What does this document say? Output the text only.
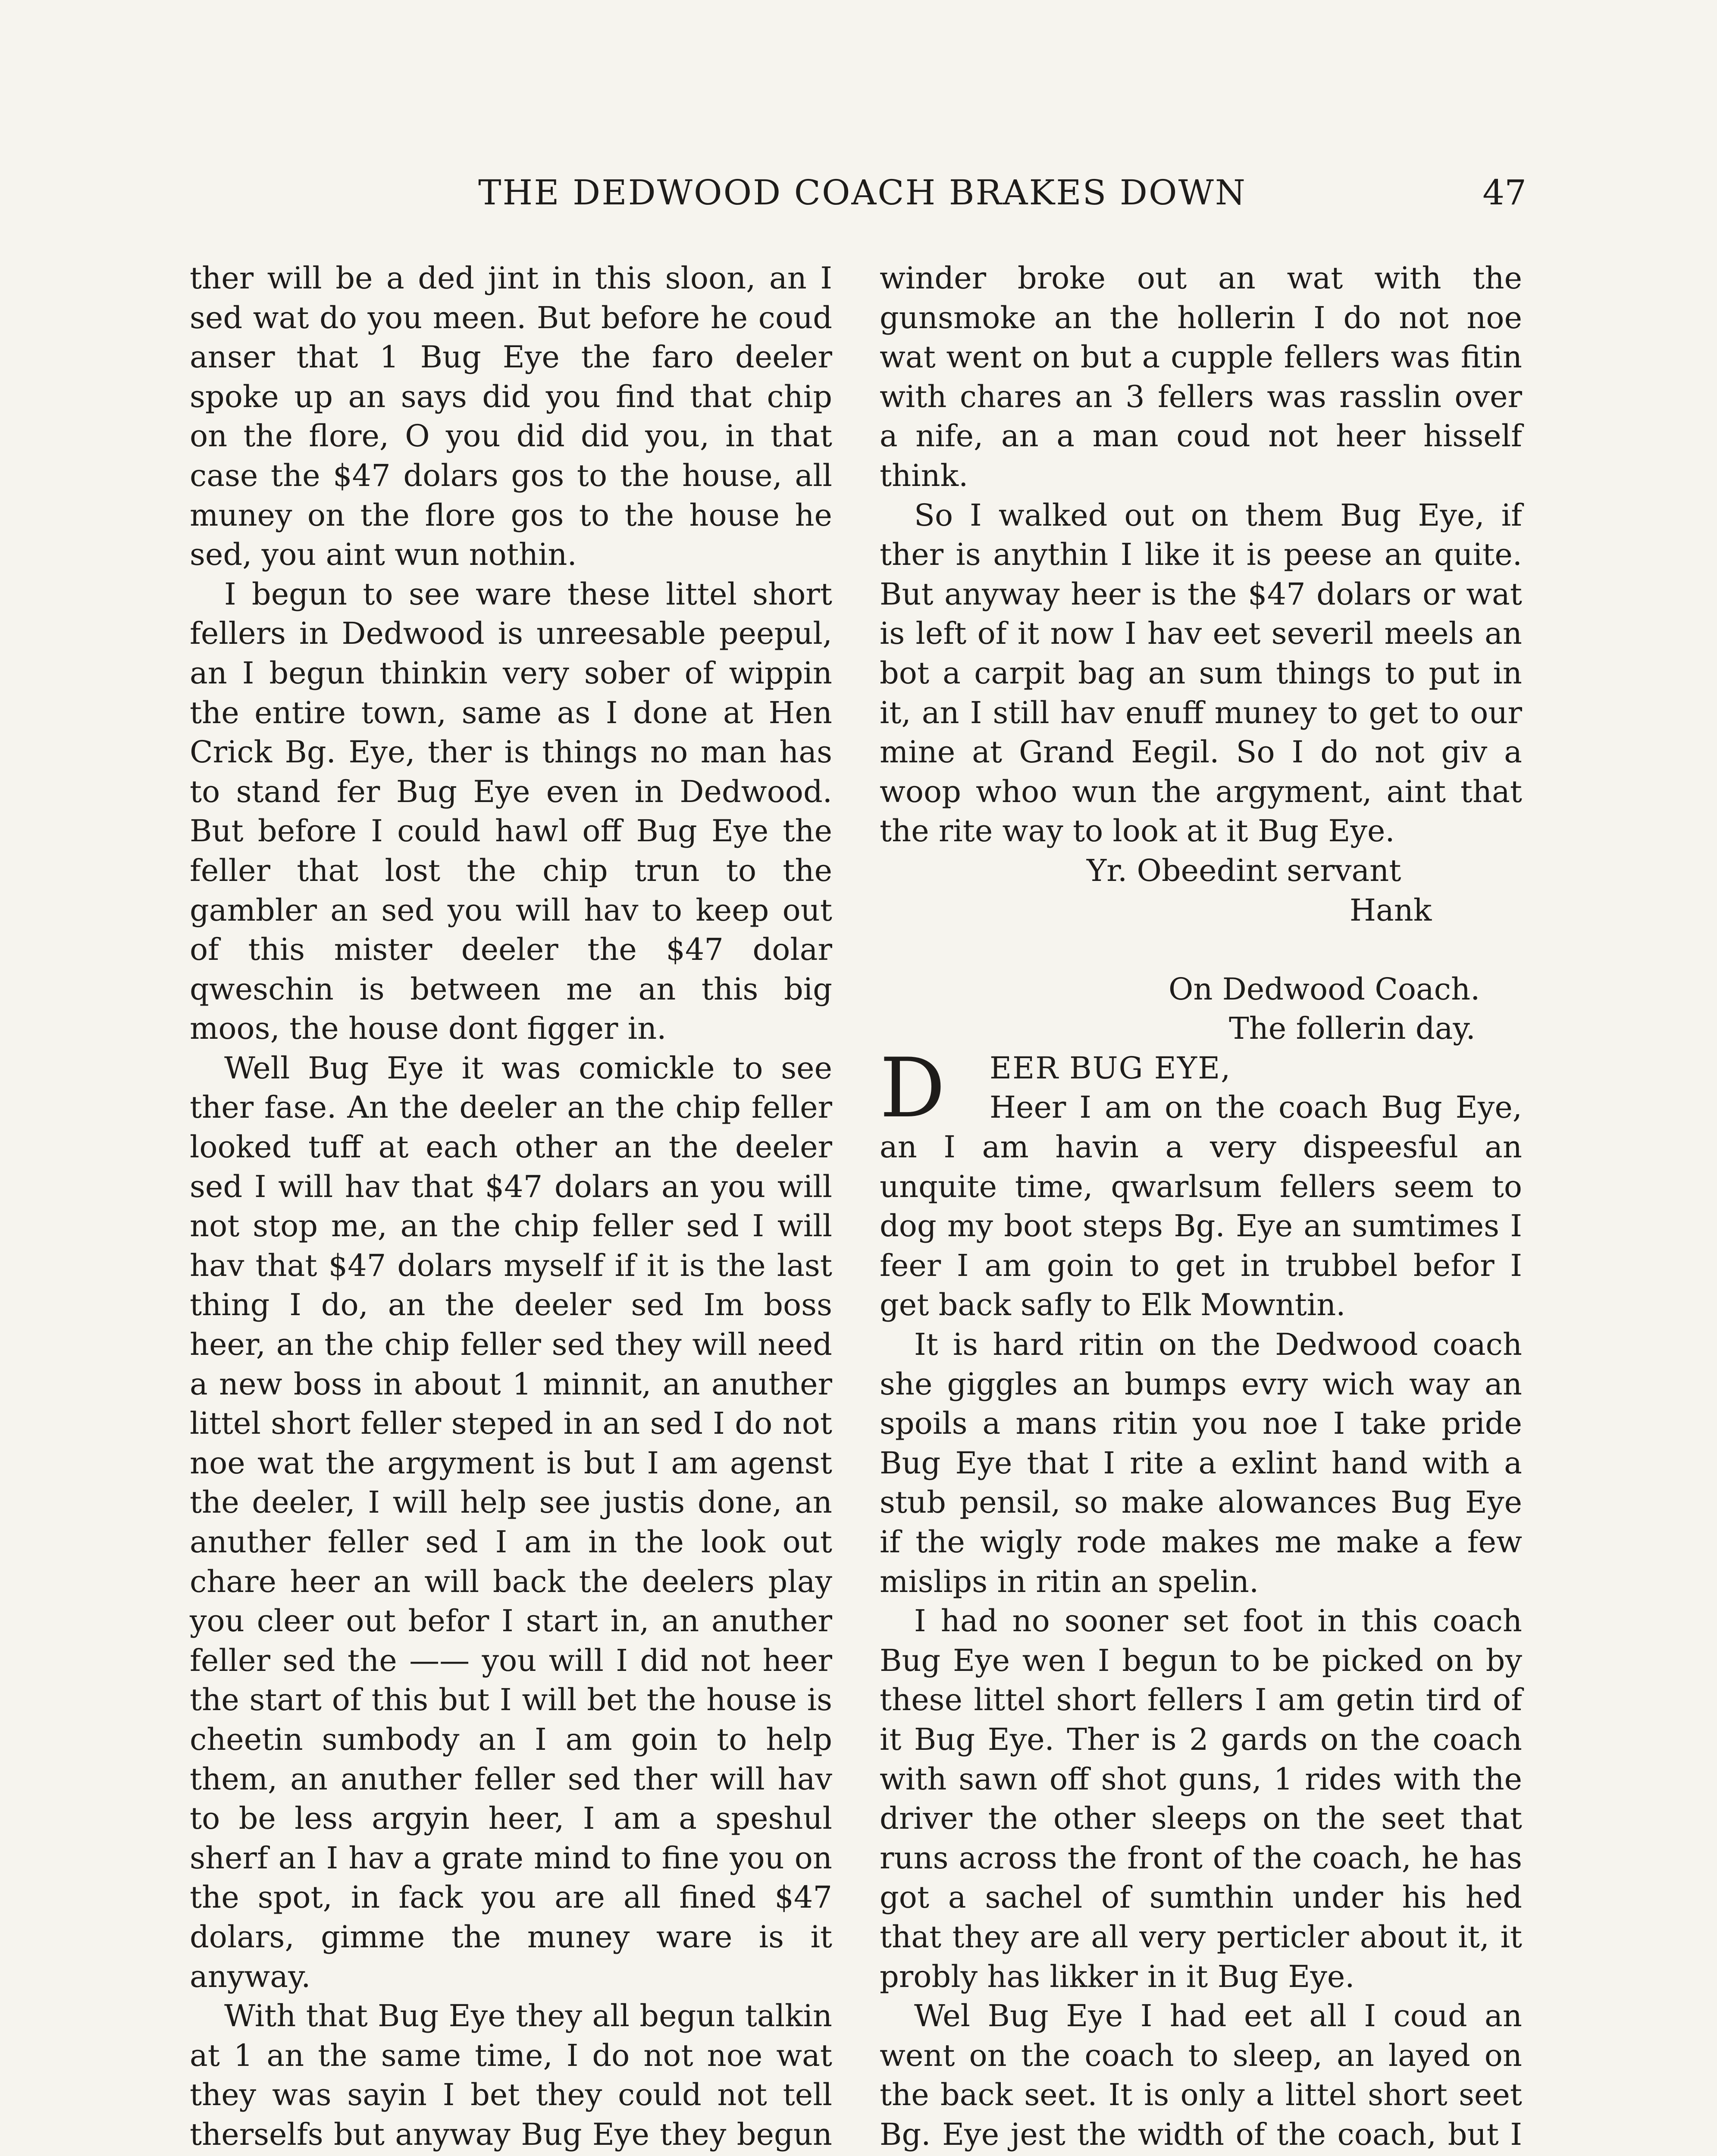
THE DEDWOOD COACH BRAKES DOWN	47

ther will be a ded jint in this sloon, an I sed wat do you meen. But before he coud anser that 1 Bug Eye the faro deeler spoke up an says did you find that chip on the flore, O you did did you, in that case the $47 dolars gos to the house, all muney on the flore gos to the house he sed, you aint wun nothin.

I begun to see ware these littel short fellers in Dedwood is unreesable peepul, an I begun thinkin very sober of wippin the entire town, same as I done at Hen Crick Bg. Eye, ther is things no man has to stand fer Bug Eye even in Dedwood. But before I could hawl off Bug Eye the feller that lost the chip trun to the gambler an sed you will hav to keep out of this mister deeler the $47 dolar qweschin is between me an this big moos, the house dont figger in.

Well Bug Eye it was comickle to see ther fase. An the deeler an the chip feller looked tuff at each other an the deeler sed I will hav that $47 dolars an you will not stop me, an the chip feller sed I will hav that $47 dolars myself if it is the last thing I do, an the deeler sed Im boss heer, an the chip feller sed they will need a new boss in about 1 minnit, an anuther littel short feller steped in an sed I do not noe wat the argyment is but I am agenst the deeler, I will help see justis done, an anuther feller sed I am in the look out chare heer an will back the deelers play you cleer out befor I start in, an anuther feller sed the —— you will I did not heer the start of this but I will bet the house is cheetin sumbody an I am goin to help them, an anuther feller sed ther will hav to be less argyin heer, I am a speshul sherf an I hav a grate mind to fine you on the spot, in fack you are all fined $47 dolars, gimme the muney ware is it anyway.

With that Bug Eye they all begun talkin at 1 an the same time, I do not noe wat they was sayin I bet they could not tell therselfs but anyway Bug Eye they begun

winder broke out an wat with the gunsmoke an the hollerin I do not noe wat went on but a cupple fellers was fitin with chares an 3 fellers was rasslin over a nife, an a man coud not heer hisself think.

So I walked out on them Bug Eye, if ther is anythin I like it is peese an quite. But anyway heer is the $47 dolars or wat is left of it now I hav eet severil meels an bot a carpit bag an sum things to put in it, an I still hav enuff muney to get to our mine at Grand Eegil. So I do not giv a woop whoo wun the argyment, aint that the rite way to look at it Bug Eye.

Yr. Obeedint servant

Hank

On Dedwood Coach.

The follerin day.

D EER BUG EYE,

Heer I am on the coach Bug Eye, an I am havin a very dispeesful an unquite time, qwarlsum fellers seem to dog my boot steps Bg. Eye an sumtimes I feer I am goin to get in trubbel befor I get back safly to Elk Mowntin.

It is hard ritin on the Dedwood coach she giggles an bumps evry wich way an spoils a mans ritin you noe I take pride Bug Eye that I rite a exlint hand with a stub pensil, so make alowances Bug Eye if the wigly rode makes me make a few mislips in ritin an spelin.

I had no sooner set foot in this coach Bug Eye wen I begun to be picked on by these littel short fellers I am getin tird of it Bug Eye. Ther is 2 gards on the coach with sawn off shot guns, 1 rides with the driver the other sleeps on the seet that runs across the front of the coach, he has got a sachel of sumthin under his hed that they are all very perticler about it, it probly has likker in it Bug Eye.

Wel Bug Eye I had eet all I coud an went on the coach to sleep, an layed on the back seet. It is only a littel short seet Bg. Eye jest the width of the coach, but I
